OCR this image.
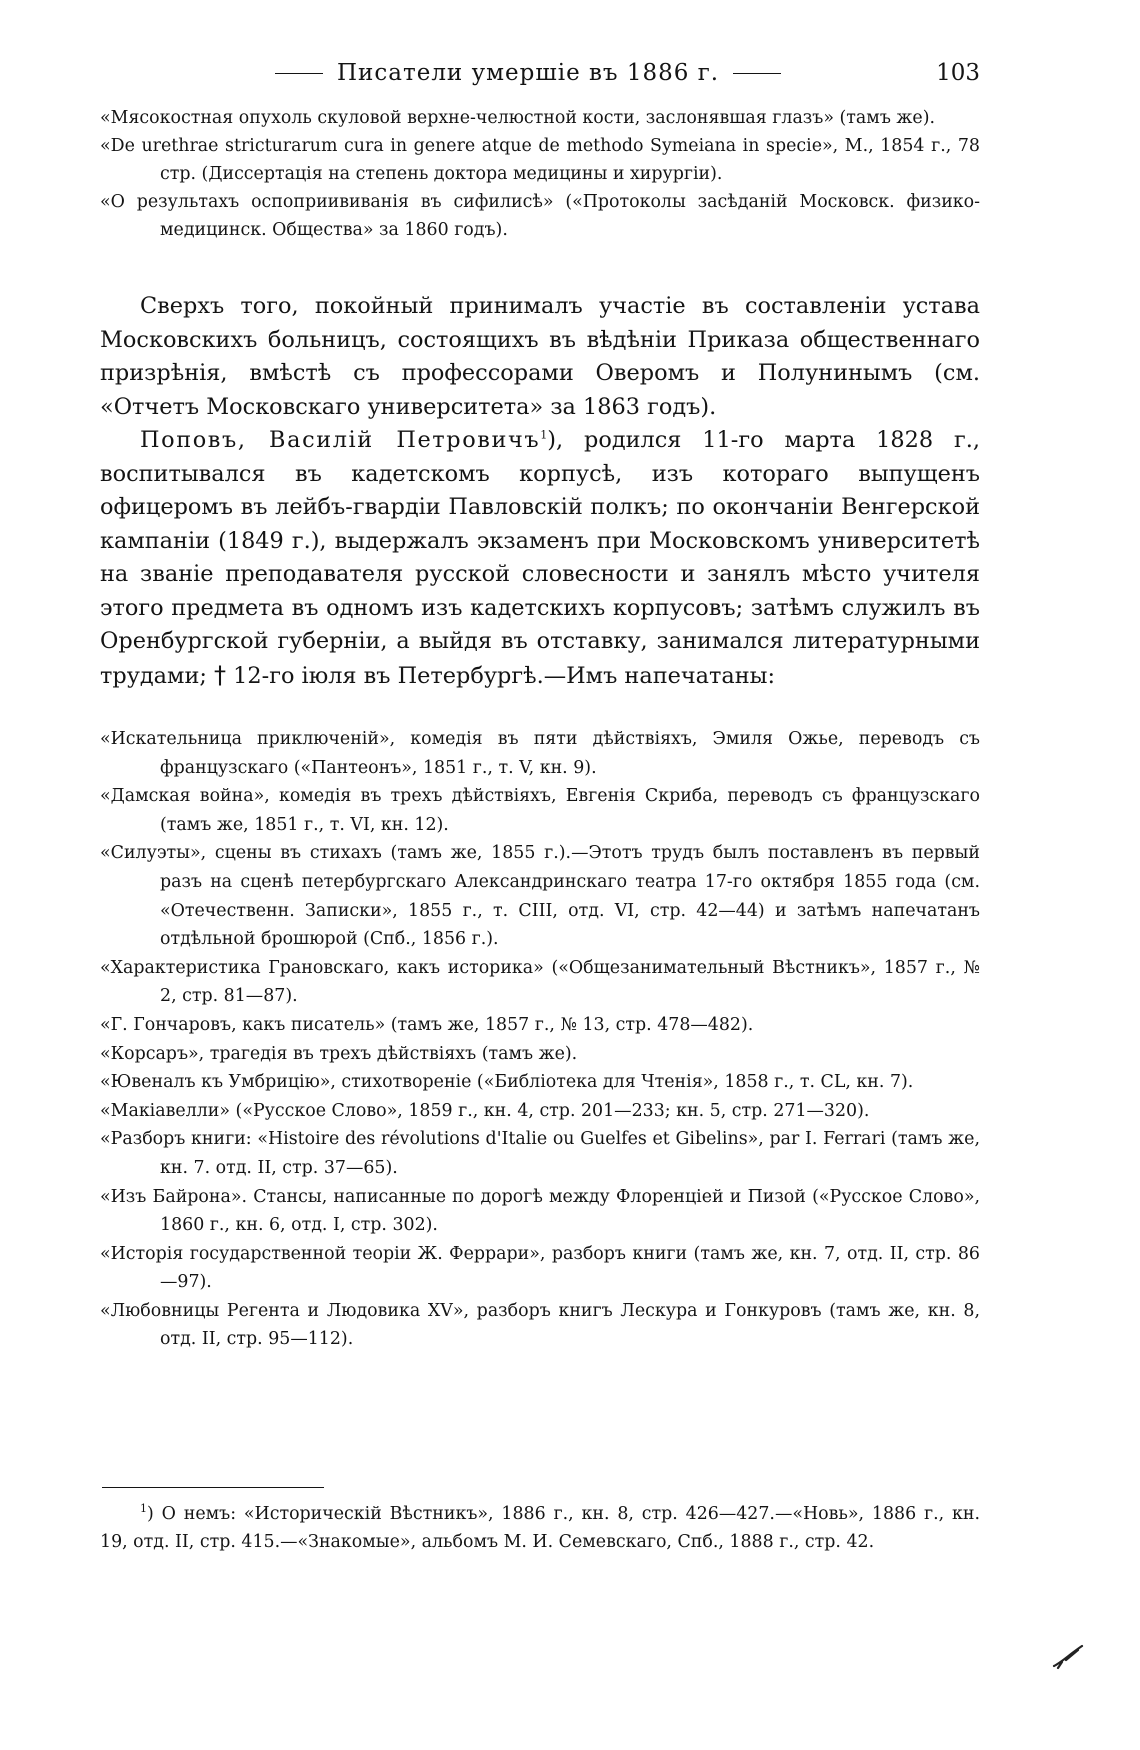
Писатели умершіе въ 1886 г.	103

«Мясокостная опухоль скуловой верхне-челюстной кости, заслонявшая глазъ» (тамъ же).

«De urethrae stricturarum cura in genere atque de methodo Symeiana in specie», М., 1854 г., 78 стр. (Диссертація на степень доктора медицины и хирургіи).

«О результахъ оспоприививанія въ сифилисѣ» («Протоколы засѣданій Московск. физико-медицинск. Общества» за 1860 годъ).

Сверхъ того, покойный принималъ участіе въ составленіи устава Московскихъ больницъ, состоящихъ въ вѣдѣніи Приказа общественнаго призрѣнія, вмѣстѣ съ профессорами Оверомъ и Полунинымъ (см. «Отчетъ Московскаго университета» за 1863 годъ).

Поповъ, Василій Петровичъ$^1$), родился 11-го марта 1828 г., воспитывался въ кадетскомъ корпусѣ, изъ котораго выпущенъ офицеромъ въ лейбъ-гвардіи Павловскій полкъ; по окончаніи Венгерской кампаніи (1849 г.), выдержалъ экзаменъ при Московскомъ университетѣ на званіе преподавателя русской словесности и занялъ мѣсто учителя этого предмета въ одномъ изъ кадетскихъ корпусовъ; затѣмъ служилъ въ Оренбургской губерніи, а выйдя въ отставку, занимался литературными трудами; † 12-го іюля въ Петербургѣ.—Имъ напечатаны:

«Искательница приключеній», комедія въ пяти дѣйствіяхъ, Эмиля Ожье, переводъ съ французскаго («Пантеонъ», 1851 г., т. V, кн. 9).

«Дамская война», комедія въ трехъ дѣйствіяхъ, Евгенія Скриба, переводъ съ французскаго (тамъ же, 1851 г., т. VI, кн. 12).

«Силуэты», сцены въ стихахъ (тамъ же, 1855 г.).—Этотъ трудъ былъ поставленъ въ первый разъ на сценѣ петербургскаго Александринскаго театра 17-го октября 1855 года (см. «Отечественн. Записки», 1855 г., т. CIII, отд. VI, стр. 42—44) и затѣмъ напечатанъ отдѣльной брошюрой (Спб., 1856 г.).

«Характеристика Грановскаго, какъ историка» («Общезанимательный Вѣстникъ», 1857 г., № 2, стр. 81—87).

«Г. Гончаровъ, какъ писатель» (тамъ же, 1857 г., № 13, стр. 478—482).

«Корсаръ», трагедія въ трехъ дѣйствіяхъ (тамъ же).

«Ювеналъ къ Умбрицію», стихотвореніе («Библіотека для Чтенія», 1858 г., т. CL, кн. 7).

«Макіавелли» («Русское Слово», 1859 г., кн. 4, стр. 201—233; кн. 5, стр. 271—320).

«Разборъ книги: «Histoire des révolutions d'Italie ou Guelfes et Gibelins», par I. Ferrari (тамъ же, кн. 7. отд. II, стр. 37—65).

«Изъ Байрона». Стансы, написанные по дорогѣ между Флоренціей и Пизой («Русское Слово», 1860 г., кн. 6, отд. I, стр. 302).

«Исторія государственной теоріи Ж. Феррари», разборъ книги (тамъ же, кн. 7, отд. II, стр. 86—97).

«Любовницы Регента и Людовика XV», разборъ книгъ Лескура и Гонкуровъ (тамъ же, кн. 8, отд. II, стр. 95—112).

$^1$) О немъ: «Историческій Вѣстникъ», 1886 г., кн. 8, стр. 426—427.—«Новь», 1886 г., кн. 19, отд. II, стр. 415.—«Знакомые», альбомъ М. И. Семевскаго, Спб., 1888 г., стр. 42.
